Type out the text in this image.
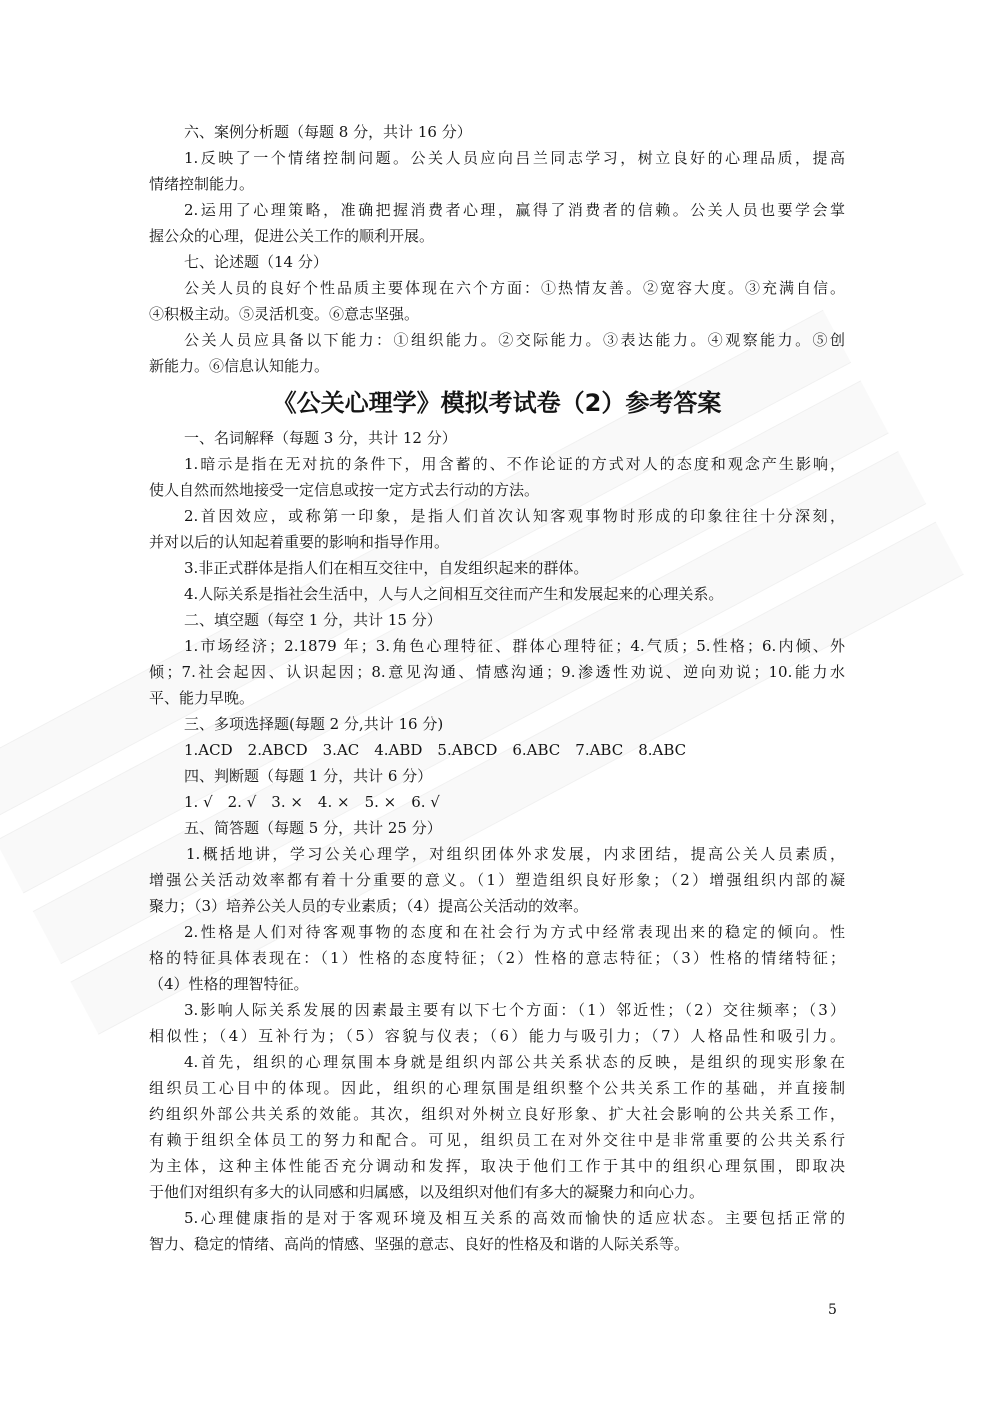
六、案例分析题（每题 8 分，共计 16 分）
1.反映了一个情绪控制问题。公关人员应向吕兰同志学习，树立良好的心理品质，提高
情绪控制能力。
2.运用了心理策略，准确把握消费者心理，赢得了消费者的信赖。公关人员也要学会掌
握公众的心理，促进公关工作的顺利开展。
七、论述题（14 分）
公关人员的良好个性品质主要体现在六个方面：①热情友善。②宽容大度。③充满自信。
④积极主动。⑤灵活机变。⑥意志坚强。
公关人员应具备以下能力：①组织能力。②交际能力。③表达能力。④观察能力。⑤创
新能力。⑥信息认知能力。
《公关心理学》模拟考试卷（2）参考答案
一、名词解释（每题 3 分，共计 12 分）
1.暗示是指在无对抗的条件下，用含蓄的、不作论证的方式对人的态度和观念产生影响，
使人自然而然地接受一定信息或按一定方式去行动的方法。
2.首因效应，或称第一印象，是指人们首次认知客观事物时形成的印象往往十分深刻，
并对以后的认知起着重要的影响和指导作用。
3.非正式群体是指人们在相互交往中，自发组织起来的群体。
4.人际关系是指社会生活中，人与人之间相互交往而产生和发展起来的心理关系。
二、填空题（每空 1 分，共计 15 分）
1.市场经济；2.1879 年；3.角色心理特征、群体心理特征；4.气质；5.性格；6.内倾、外
倾；7.社会起因、认识起因；8.意见沟通、情感沟通；9.渗透性劝说、逆向劝说；10.能力水
平、能力早晚。
三、多项选择题(每题 2 分,共计 16 分)
1.ACD　2.ABCD　3.AC　4.ABD　5.ABCD　6.ABC　7.ABC　8.ABC
四、判断题（每题 1 分，共计 6 分）
1. √　2. √　3. ×　4. ×　5. ×　6. √
五、简答题（每题 5 分，共计 25 分）
1.概括地讲，学习公关心理学，对组织团体外求发展，内求团结，提高公关人员素质，
增强公关活动效率都有着十分重要的意义。（1）塑造组织良好形象；（2）增强组织内部的凝
聚力；（3）培养公关人员的专业素质；（4）提高公关活动的效率。
2.性格是人们对待客观事物的态度和在社会行为方式中经常表现出来的稳定的倾向。性
格的特征具体表现在：（1）性格的态度特征；（2）性格的意志特征；（3）性格的情绪特征；
（4）性格的理智特征。
3.影响人际关系发展的因素最主要有以下七个方面：（1）邻近性；（2）交往频率；（3）
相似性；（4）互补行为；（5）容貌与仪表；（6）能力与吸引力；（7）人格品性和吸引力。
4.首先，组织的心理氛围本身就是组织内部公共关系状态的反映，是组织的现实形象在
组织员工心目中的体现。因此，组织的心理氛围是组织整个公共关系工作的基础，并直接制
约组织外部公共关系的效能。其次，组织对外树立良好形象、扩大社会影响的公共关系工作，
有赖于组织全体员工的努力和配合。可见，组织员工在对外交往中是非常重要的公共关系行
为主体，这种主体性能否充分调动和发挥，取决于他们工作于其中的组织心理氛围，即取决
于他们对组织有多大的认同感和归属感，以及组织对他们有多大的凝聚力和向心力。
5.心理健康指的是对于客观环境及相互关系的高效而愉快的适应状态。主要包括正常的
智力、稳定的情绪、高尚的情感、坚强的意志、良好的性格及和谐的人际关系等。
5
